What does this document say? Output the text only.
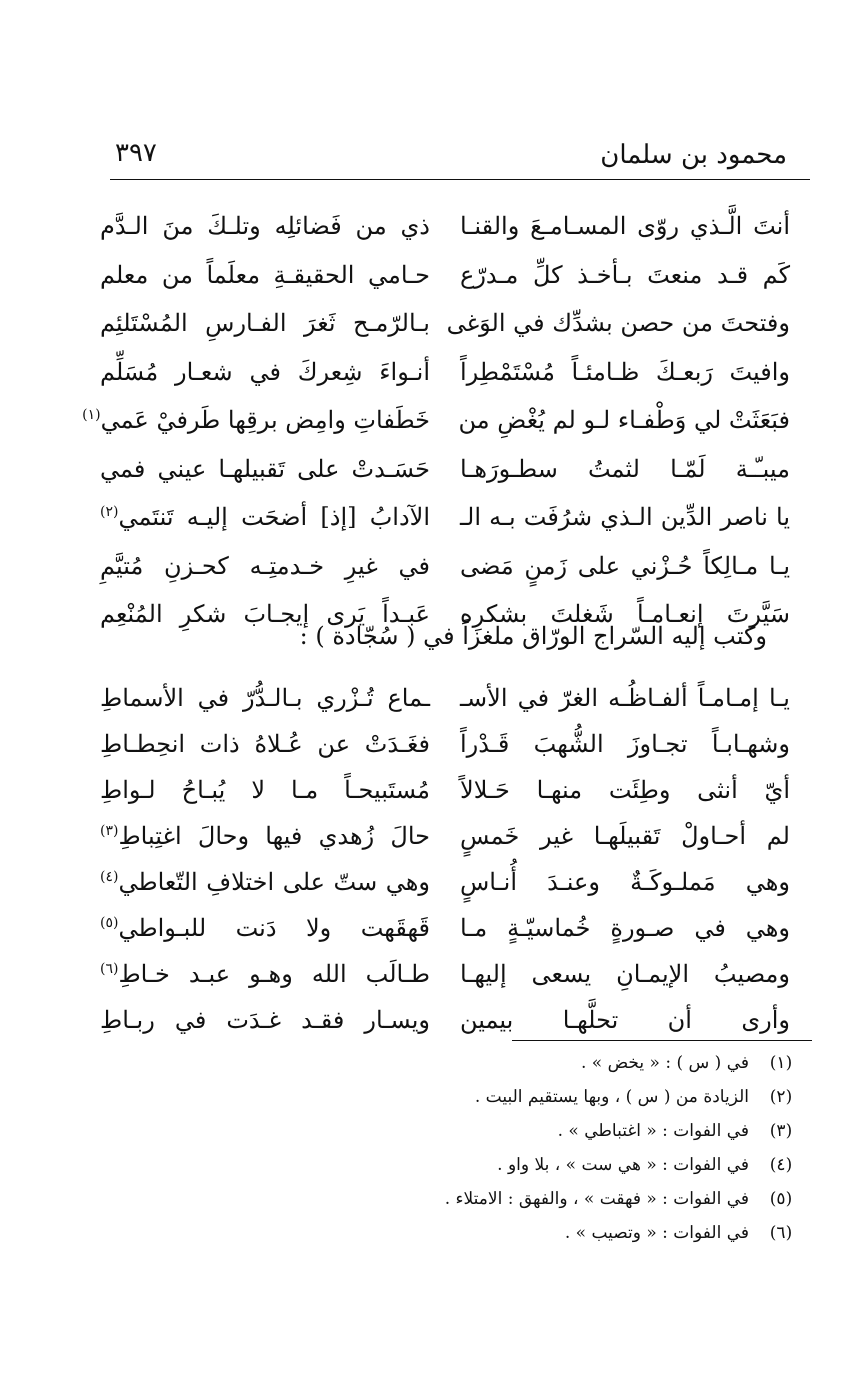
محمود بن سلمان
٣٩٧
أنتَ الَّـذي روّى المسـامـعَ والقنـا
ذي من فَضائلِه وتلـكَ منَ الـدَّم
كَم قـد منعتَ بـأخـذ كلِّ مـدرّع
حـامي الحقيقـةِ معلَماً من معلم
وفتحتَ من حصن بشدِّك في الوَغى
بـالرّمـح ثَغرَ الفـارسِ المُسْتَلئِم
وافيتَ رَبعـكَ ظـامئـاً مُسْتَمْطِراً
أنـواءَ شِعركَ في شعـار مُسَلِّم
فبَعَثَتْ لي وَطْفـاء لـو لم يُغْضِ من
خَطَفاتِ وامِض برقِها طَرفيْ عَمي$^{(١)}$
ميبـّـة لَمّـا لثمتُ سطـورَهـا
حَسَـدتْ على تَقبيلهـا عيني فمي
يا ناصر الدِّين الـذي شرُفَت بـه الـ
الآدابُ [إذ] أضحَت إليـه تَنتَمي$^{(٢)}$
يـا مـالِكاً حُـزْني على زَمنٍ مَضى
في غيرِ خـدمتِـه كحـزنِ مُتيَّمِ
سَيَّرتَ إنعـامـاً شَغلتَ بشكرِه
عَبـداً يَرى إيجـابَ شكرِ المُنْعِم
وكتب إليه السّراج الورّاق ملغزاً في ( سُجّادة ) :
يـا إمـامـاً ألفـاظُـه الغرّ في الأسـ
ـماع تُـزْري بـالـدُّرّ في الأسماطِ
وشهـابـاً تجـاوزَ الشُّهبَ قَـدْراً
فغَـدَتْ عن عُـلاهُ ذات انحِطـاطِ
أيّ أنثى وطِئَت منهـا حَـلالاً
مُستَبيحـاً مـا لا يُبـاحُ لـواطِ
لم أحـاولْ تَقبيلَهـا غير خَمسٍ
حالَ زُهدي فيها وحالَ اغتِباطِ$^{(٣)}$
وهي مَملـوكَـةٌ وعنـدَ أُنـاسٍ
وهي ستّ على اختلافِ التّعاطي$^{(٤)}$
وهي في صـورةٍ خُماسيّـةٍ مـا
قَهقَهت ولا دَنت للبـواطي$^{(٥)}$
ومصيبُ الإيمـانِ يسعى إليهـا
طـالَب الله وهـو عبـد خـاطِ$^{(٦)}$
وأرى أن تحلَّهـا بيمين
ويسـار فقـد غـدَت في ربـاطِ
(١)
في ( س ) : « يخض » .
(٢)
الزيادة من ( س ) ، وبها يستقيم البيت .
(٣)
في الفوات : « اغتباطي » .
(٤)
في الفوات : « هي ست » ، بلا واو .
(٥)
في الفوات : « فهقت » ، والفهق : الامتلاء .
(٦)
في الفوات : « وتصيب » .
